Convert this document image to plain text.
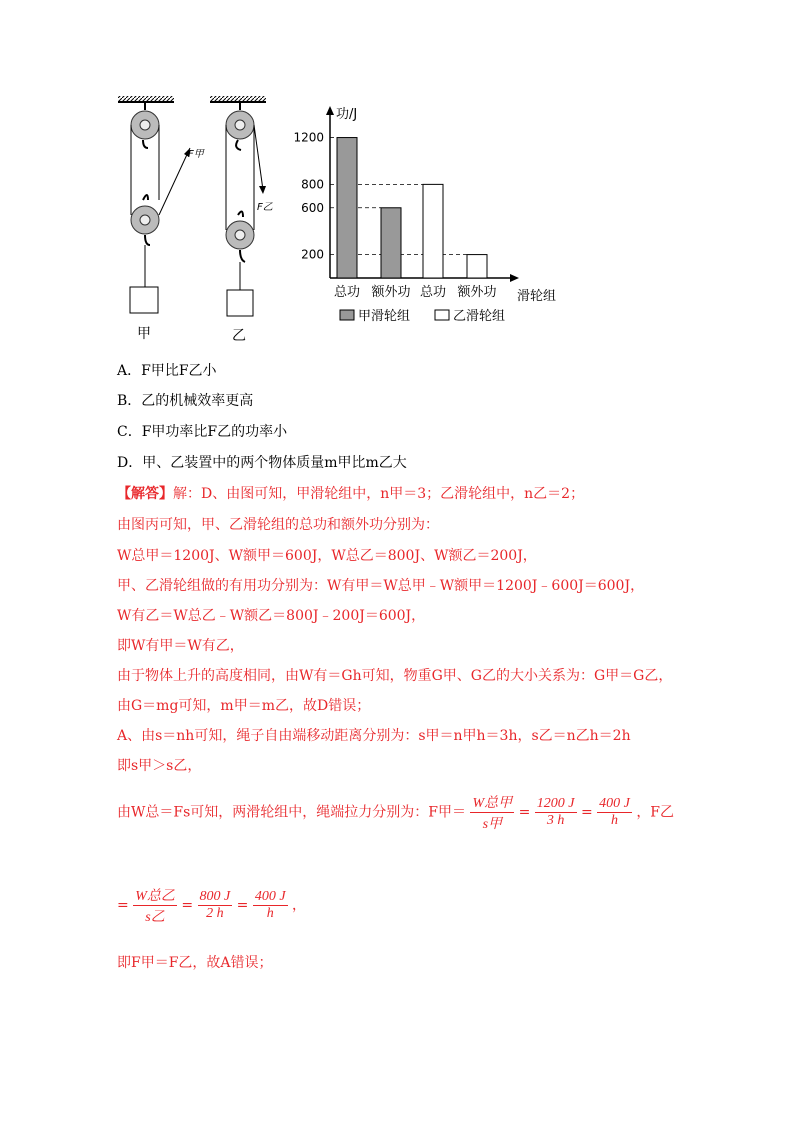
F甲
甲
F乙
乙
功/J
滑轮组
200
600
800
1200
总功 额外功 总功 额外功
甲滑轮组	乙滑轮组
A．F甲比F乙小
B．乙的机械效率更高
C．F甲功率比F乙的功率小
D．甲、乙装置中的两个物体质量m甲比m乙大
【解答】解：D、由图可知，甲滑轮组中，n甲＝3；乙滑轮组中，n乙＝2；
由图丙可知，甲、乙滑轮组的总功和额外功分别为：
W总甲＝1200J、W额甲＝600J，W总乙＝800J、W额乙＝200J，
甲、乙滑轮组做的有用功分别为：W有甲＝W总甲﹣W额甲＝1200J﹣600J＝600J，
W有乙＝W总乙﹣W额乙＝800J﹣200J＝600J，
即W有甲＝W有乙，
由于物体上升的高度相同，由W有＝Gh可知，物重G甲、G乙的大小关系为：G甲＝G乙，
由G＝mg可知，m甲＝m乙，故D错误；
A、由s＝nh可知，绳子自由端移动距离分别为：s甲＝n甲h＝3h，s乙＝n乙h＝2h
即s甲＞s乙，
由W总＝Fs可知，两滑轮组中，绳端拉力分别为：F甲＝ $\frac{\text{W总甲}}{\text{s甲}} = \frac{1200 J}{3 h} = \frac{400 J}{h}$ ，F乙
= $\frac{\text{W总乙}}{\text{s乙}} = \frac{800 J}{2 h} = \frac{400 J}{h}$ ，
即F甲＝F乙，故A错误；
